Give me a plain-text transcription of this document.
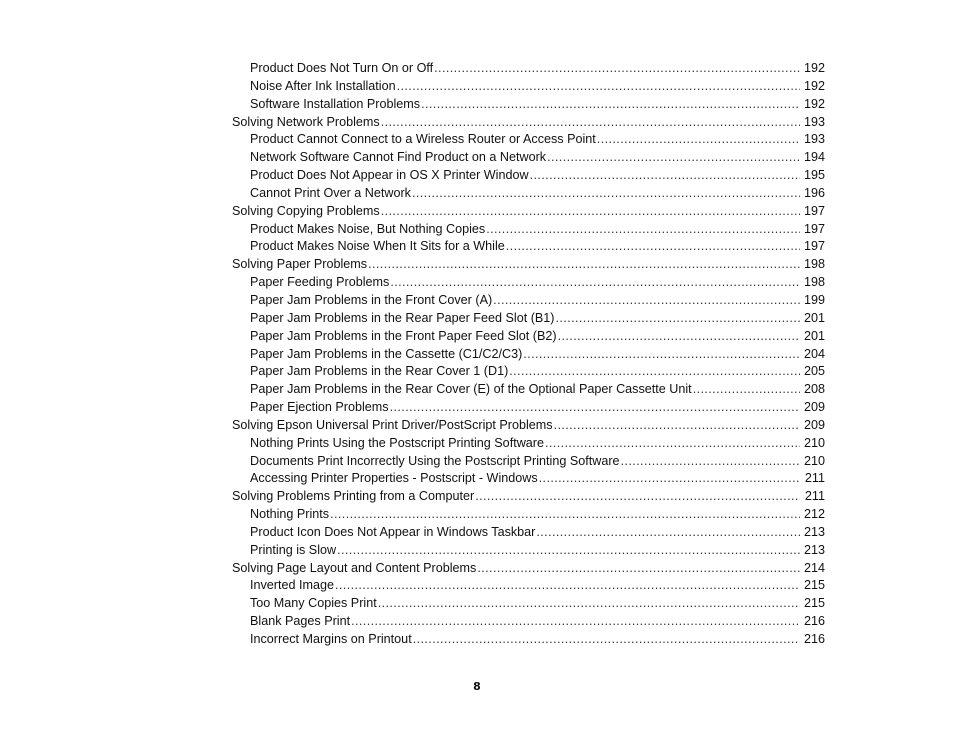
Product Does Not Turn On or Off .....	192
Noise After Ink Installation .....	192
Software Installation Problems .....	192
Solving Network Problems .....	193
Product Cannot Connect to a Wireless Router or Access Point .....	193
Network Software Cannot Find Product on a Network .....	194
Product Does Not Appear in OS X Printer Window .....	195
Cannot Print Over a Network .....	196
Solving Copying Problems .....	197
Product Makes Noise, But Nothing Copies .....	197
Product Makes Noise When It Sits for a While .....	197
Solving Paper Problems .....	198
Paper Feeding Problems .....	198
Paper Jam Problems in the Front Cover (A) .....	199
Paper Jam Problems in the Rear Paper Feed Slot (B1) .....	201
Paper Jam Problems in the Front Paper Feed Slot (B2) .....	201
Paper Jam Problems in the Cassette (C1/C2/C3) .....	204
Paper Jam Problems in the Rear Cover 1 (D1) .....	205
Paper Jam Problems in the Rear Cover (E) of the Optional Paper Cassette Unit .....	208
Paper Ejection Problems .....	209
Solving Epson Universal Print Driver/PostScript Problems .....	209
Nothing Prints Using the Postscript Printing Software .....	210
Documents Print Incorrectly Using the Postscript Printing Software .....	210
Accessing Printer Properties - Postscript - Windows .....	211
Solving Problems Printing from a Computer .....	211
Nothing Prints .....	212
Product Icon Does Not Appear in Windows Taskbar .....	213
Printing is Slow .....	213
Solving Page Layout and Content Problems .....	214
Inverted Image .....	215
Too Many Copies Print .....	215
Blank Pages Print .....	216
Incorrect Margins on Printout .....	216
8
